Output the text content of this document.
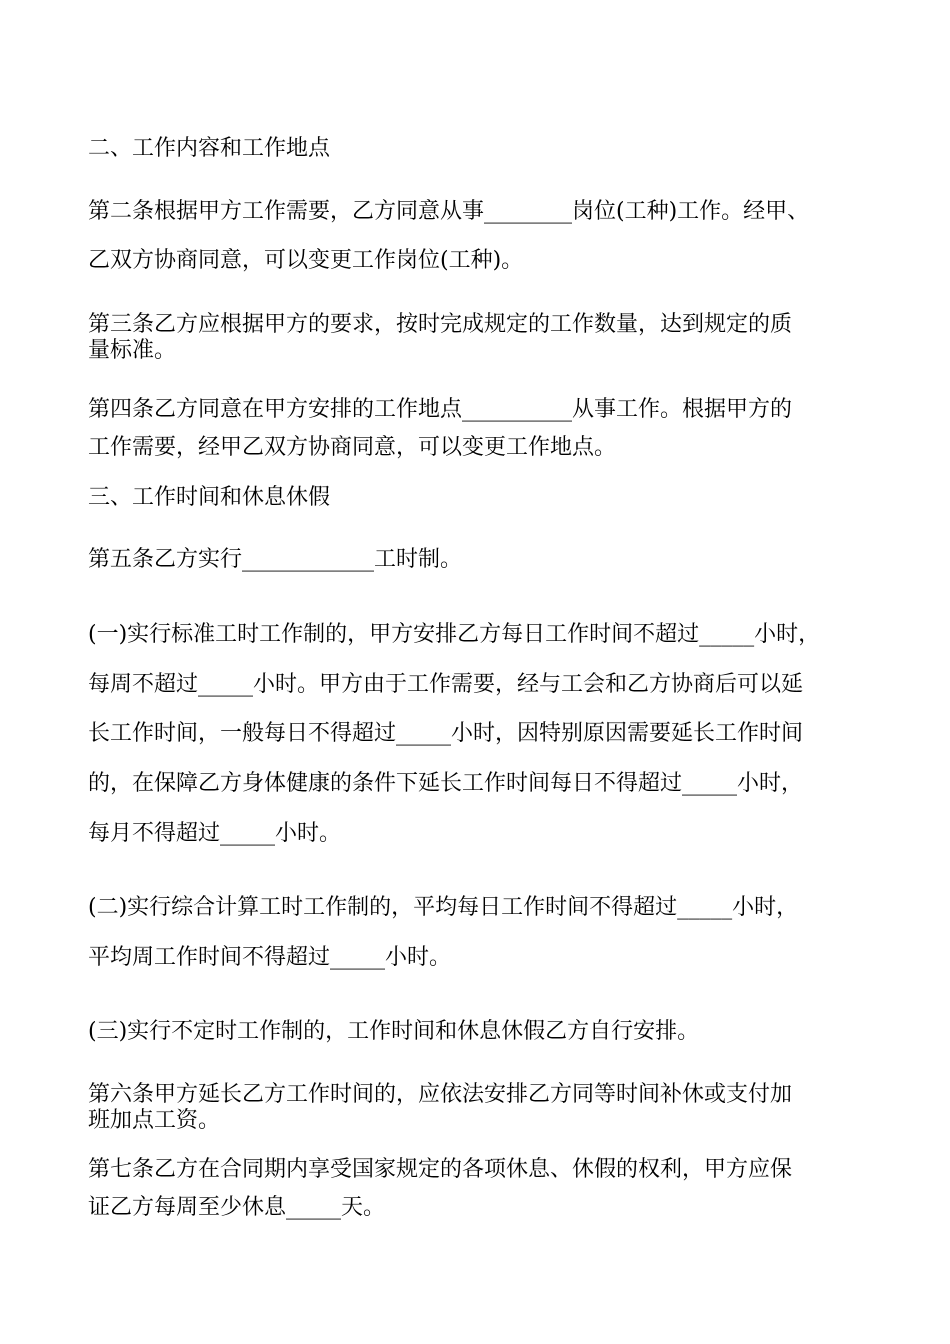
二、工作内容和工作地点

第二条根据甲方工作需要，乙方同意从事________岗位(工种)工作。经甲、

乙双方协商同意，可以变更工作岗位(工种)。

第三条乙方应根据甲方的要求，按时完成规定的工作数量，达到规定的质

量标准。

第四条乙方同意在甲方安排的工作地点__________从事工作。根据甲方的

工作需要，经甲乙双方协商同意，可以变更工作地点。

三、工作时间和休息休假

第五条乙方实行____________工时制。

(一)实行标准工时工作制的，甲方安排乙方每日工作时间不超过_____小时，

每周不超过_____小时。甲方由于工作需要，经与工会和乙方协商后可以延

长工作时间，一般每日不得超过_____小时，因特别原因需要延长工作时间

的，在保障乙方身体健康的条件下延长工作时间每日不得超过_____小时，

每月不得超过_____小时。

(二)实行综合计算工时工作制的，平均每日工作时间不得超过_____小时，

平均周工作时间不得超过_____小时。

(三)实行不定时工作制的，工作时间和休息休假乙方自行安排。

第六条甲方延长乙方工作时间的，应依法安排乙方同等时间补休或支付加

班加点工资。

第七条乙方在合同期内享受国家规定的各项休息、休假的权利，甲方应保

证乙方每周至少休息_____天。
